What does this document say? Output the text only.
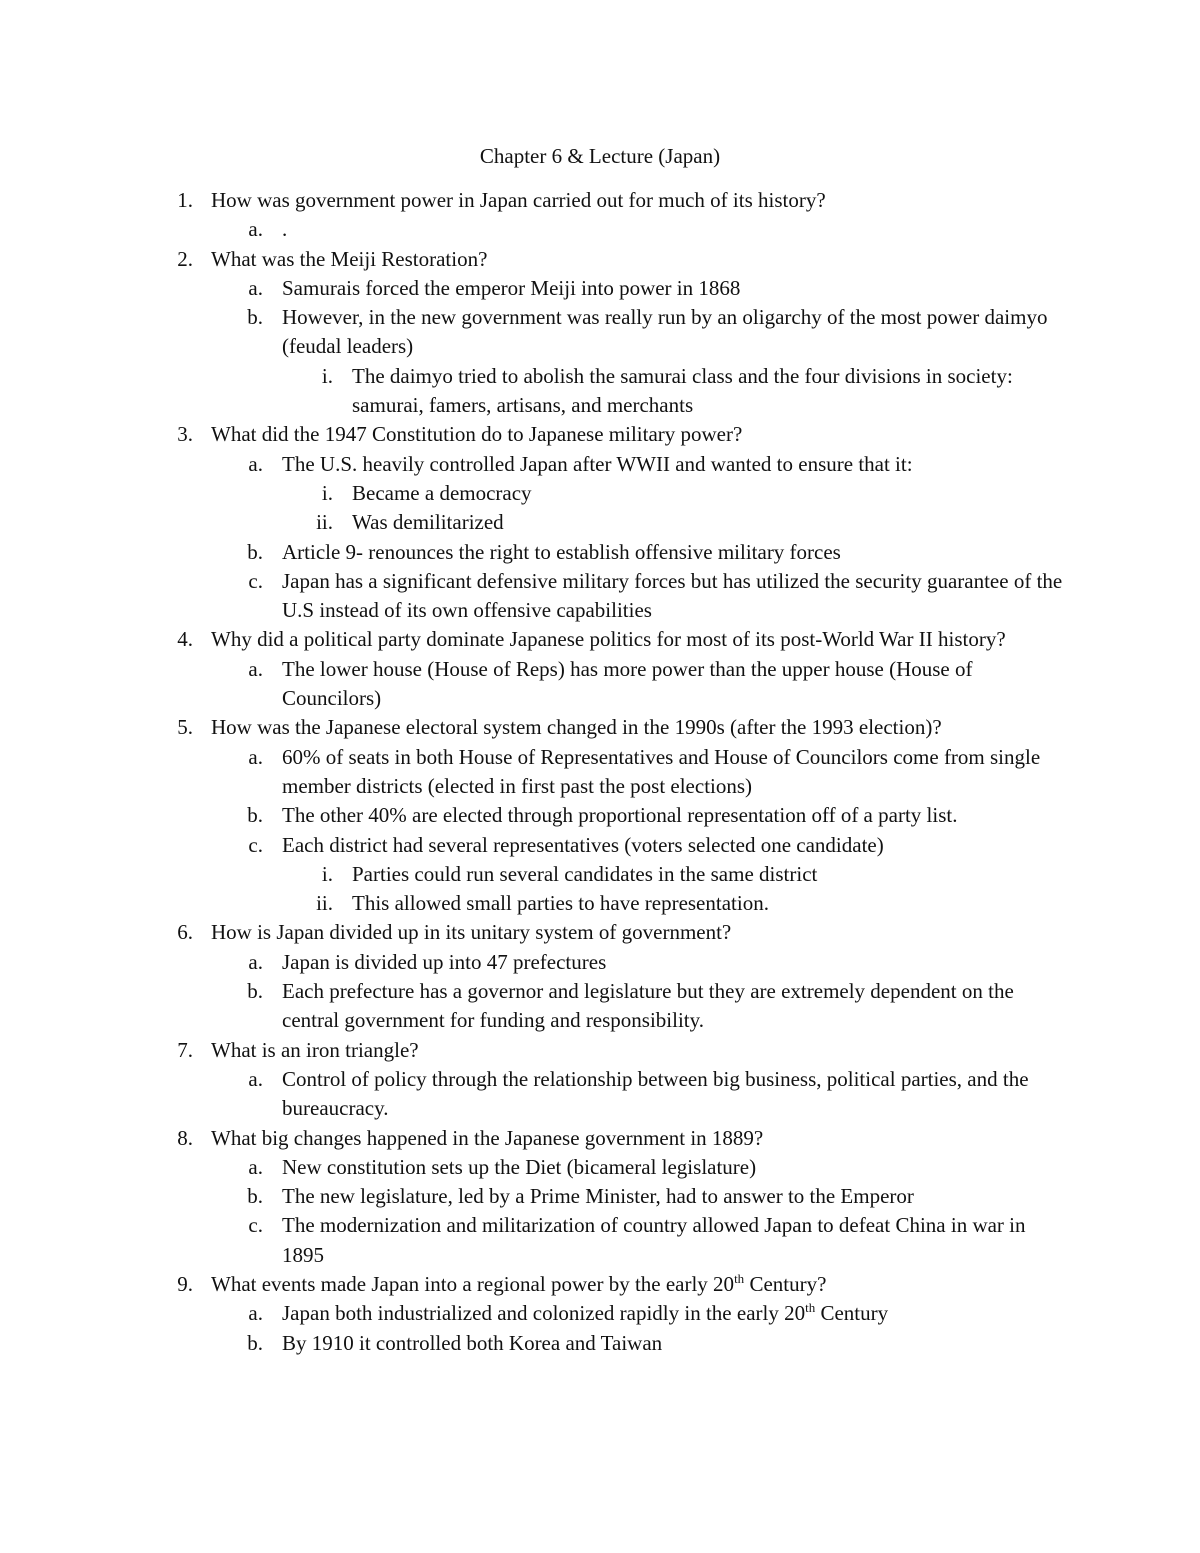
Chapter 6 & Lecture (Japan)
1. How was government power in Japan carried out for much of its history?
a. .
2. What was the Meiji Restoration?
a. Samurais forced the emperor Meiji into power in 1868
b. However, in the new government was really run by an oligarchy of the most power daimyo (feudal leaders)
i. The daimyo tried to abolish the samurai class and the four divisions in society: samurai, famers, artisans, and merchants
3. What did the 1947 Constitution do to Japanese military power?
a. The U.S. heavily controlled Japan after WWII and wanted to ensure that it:
i. Became a democracy
ii. Was demilitarized
b. Article 9- renounces the right to establish offensive military forces
c. Japan has a significant defensive military forces but has utilized the security guarantee of the U.S instead of its own offensive capabilities
4. Why did a political party dominate Japanese politics for most of its post-World War II history?
a. The lower house (House of Reps) has more power than the upper house (House of Councilors)
5. How was the Japanese electoral system changed in the 1990s (after the 1993 election)?
a. 60% of seats in both House of Representatives and House of Councilors come from single member districts (elected in first past the post elections)
b. The other 40% are elected through proportional representation off of a party list.
c. Each district had several representatives (voters selected one candidate)
i. Parties could run several candidates in the same district
ii. This allowed small parties to have representation.
6. How is Japan divided up in its unitary system of government?
a. Japan is divided up into 47 prefectures
b. Each prefecture has a governor and legislature but they are extremely dependent on the central government for funding and responsibility.
7. What is an iron triangle?
a. Control of policy through the relationship between big business, political parties, and the bureaucracy.
8. What big changes happened in the Japanese government in 1889?
a. New constitution sets up the Diet (bicameral legislature)
b. The new legislature, led by a Prime Minister, had to answer to the Emperor
c. The modernization and militarization of country allowed Japan to defeat China in war in 1895
9. What events made Japan into a regional power by the early 20th Century?
a. Japan both industrialized and colonized rapidly in the early 20th Century
b. By 1910 it controlled both Korea and Taiwan
